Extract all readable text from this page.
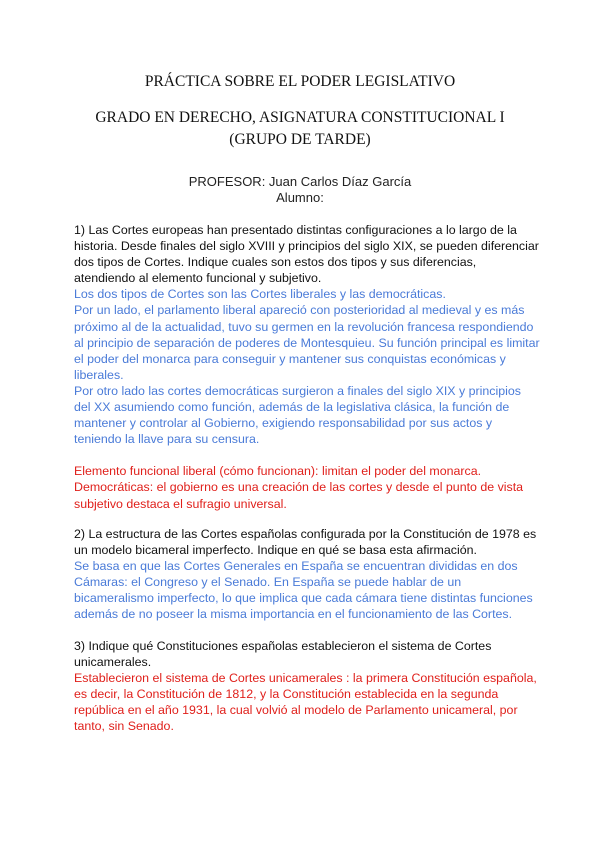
PRÁCTICA SOBRE EL PODER LEGISLATIVO
GRADO EN DERECHO, ASIGNATURA CONSTITUCIONAL I
(GRUPO DE TARDE)
PROFESOR: Juan Carlos Díaz García
Alumno:
1) Las Cortes europeas han presentado distintas configuraciones a lo largo de la
historia. Desde finales del siglo XVIII y principios del siglo XIX, se pueden diferenciar
dos tipos de Cortes. Indique cuales son estos dos tipos y sus diferencias,
atendiendo al elemento funcional y subjetivo.
Los dos tipos de Cortes son las Cortes liberales y las democráticas.
Por un lado, el parlamento liberal apareció con posterioridad al medieval y es más
próximo al de la actualidad, tuvo su germen en la revolución francesa respondiendo
al principio de separación de poderes de Montesquieu. Su función principal es limitar
el poder del monarca para conseguir y mantener sus conquistas económicas y
liberales.
Por otro lado las cortes democráticas surgieron a finales del siglo XIX y principios
del XX asumiendo como función, además de la legislativa clásica, la función de
mantener y controlar al Gobierno, exigiendo responsabilidad por sus actos y
teniendo la llave para su censura.
Elemento funcional liberal (cómo funcionan): limitan el poder del monarca.
Democráticas: el gobierno es una creación de las cortes y desde el punto de vista
subjetivo destaca el sufragio universal.
2) La estructura de las Cortes españolas configurada por la Constitución de 1978 es
un modelo bicameral imperfecto. Indique en qué se basa esta afirmación.
Se basa en que las Cortes Generales en España se encuentran divididas en dos
Cámaras: el Congreso y el Senado. En España se puede hablar de un
bicameralismo imperfecto, lo que implica que cada cámara tiene distintas funciones
además de no poseer la misma importancia en el funcionamiento de las Cortes.
3) Indique qué Constituciones españolas establecieron el sistema de Cortes
unicamerales.
Establecieron el sistema de Cortes unicamerales : la primera Constitución española,
es decir, la Constitución de 1812, y la Constitución establecida en la segunda
república en el año 1931, la cual volvió al modelo de Parlamento unicameral, por
tanto, sin Senado.
